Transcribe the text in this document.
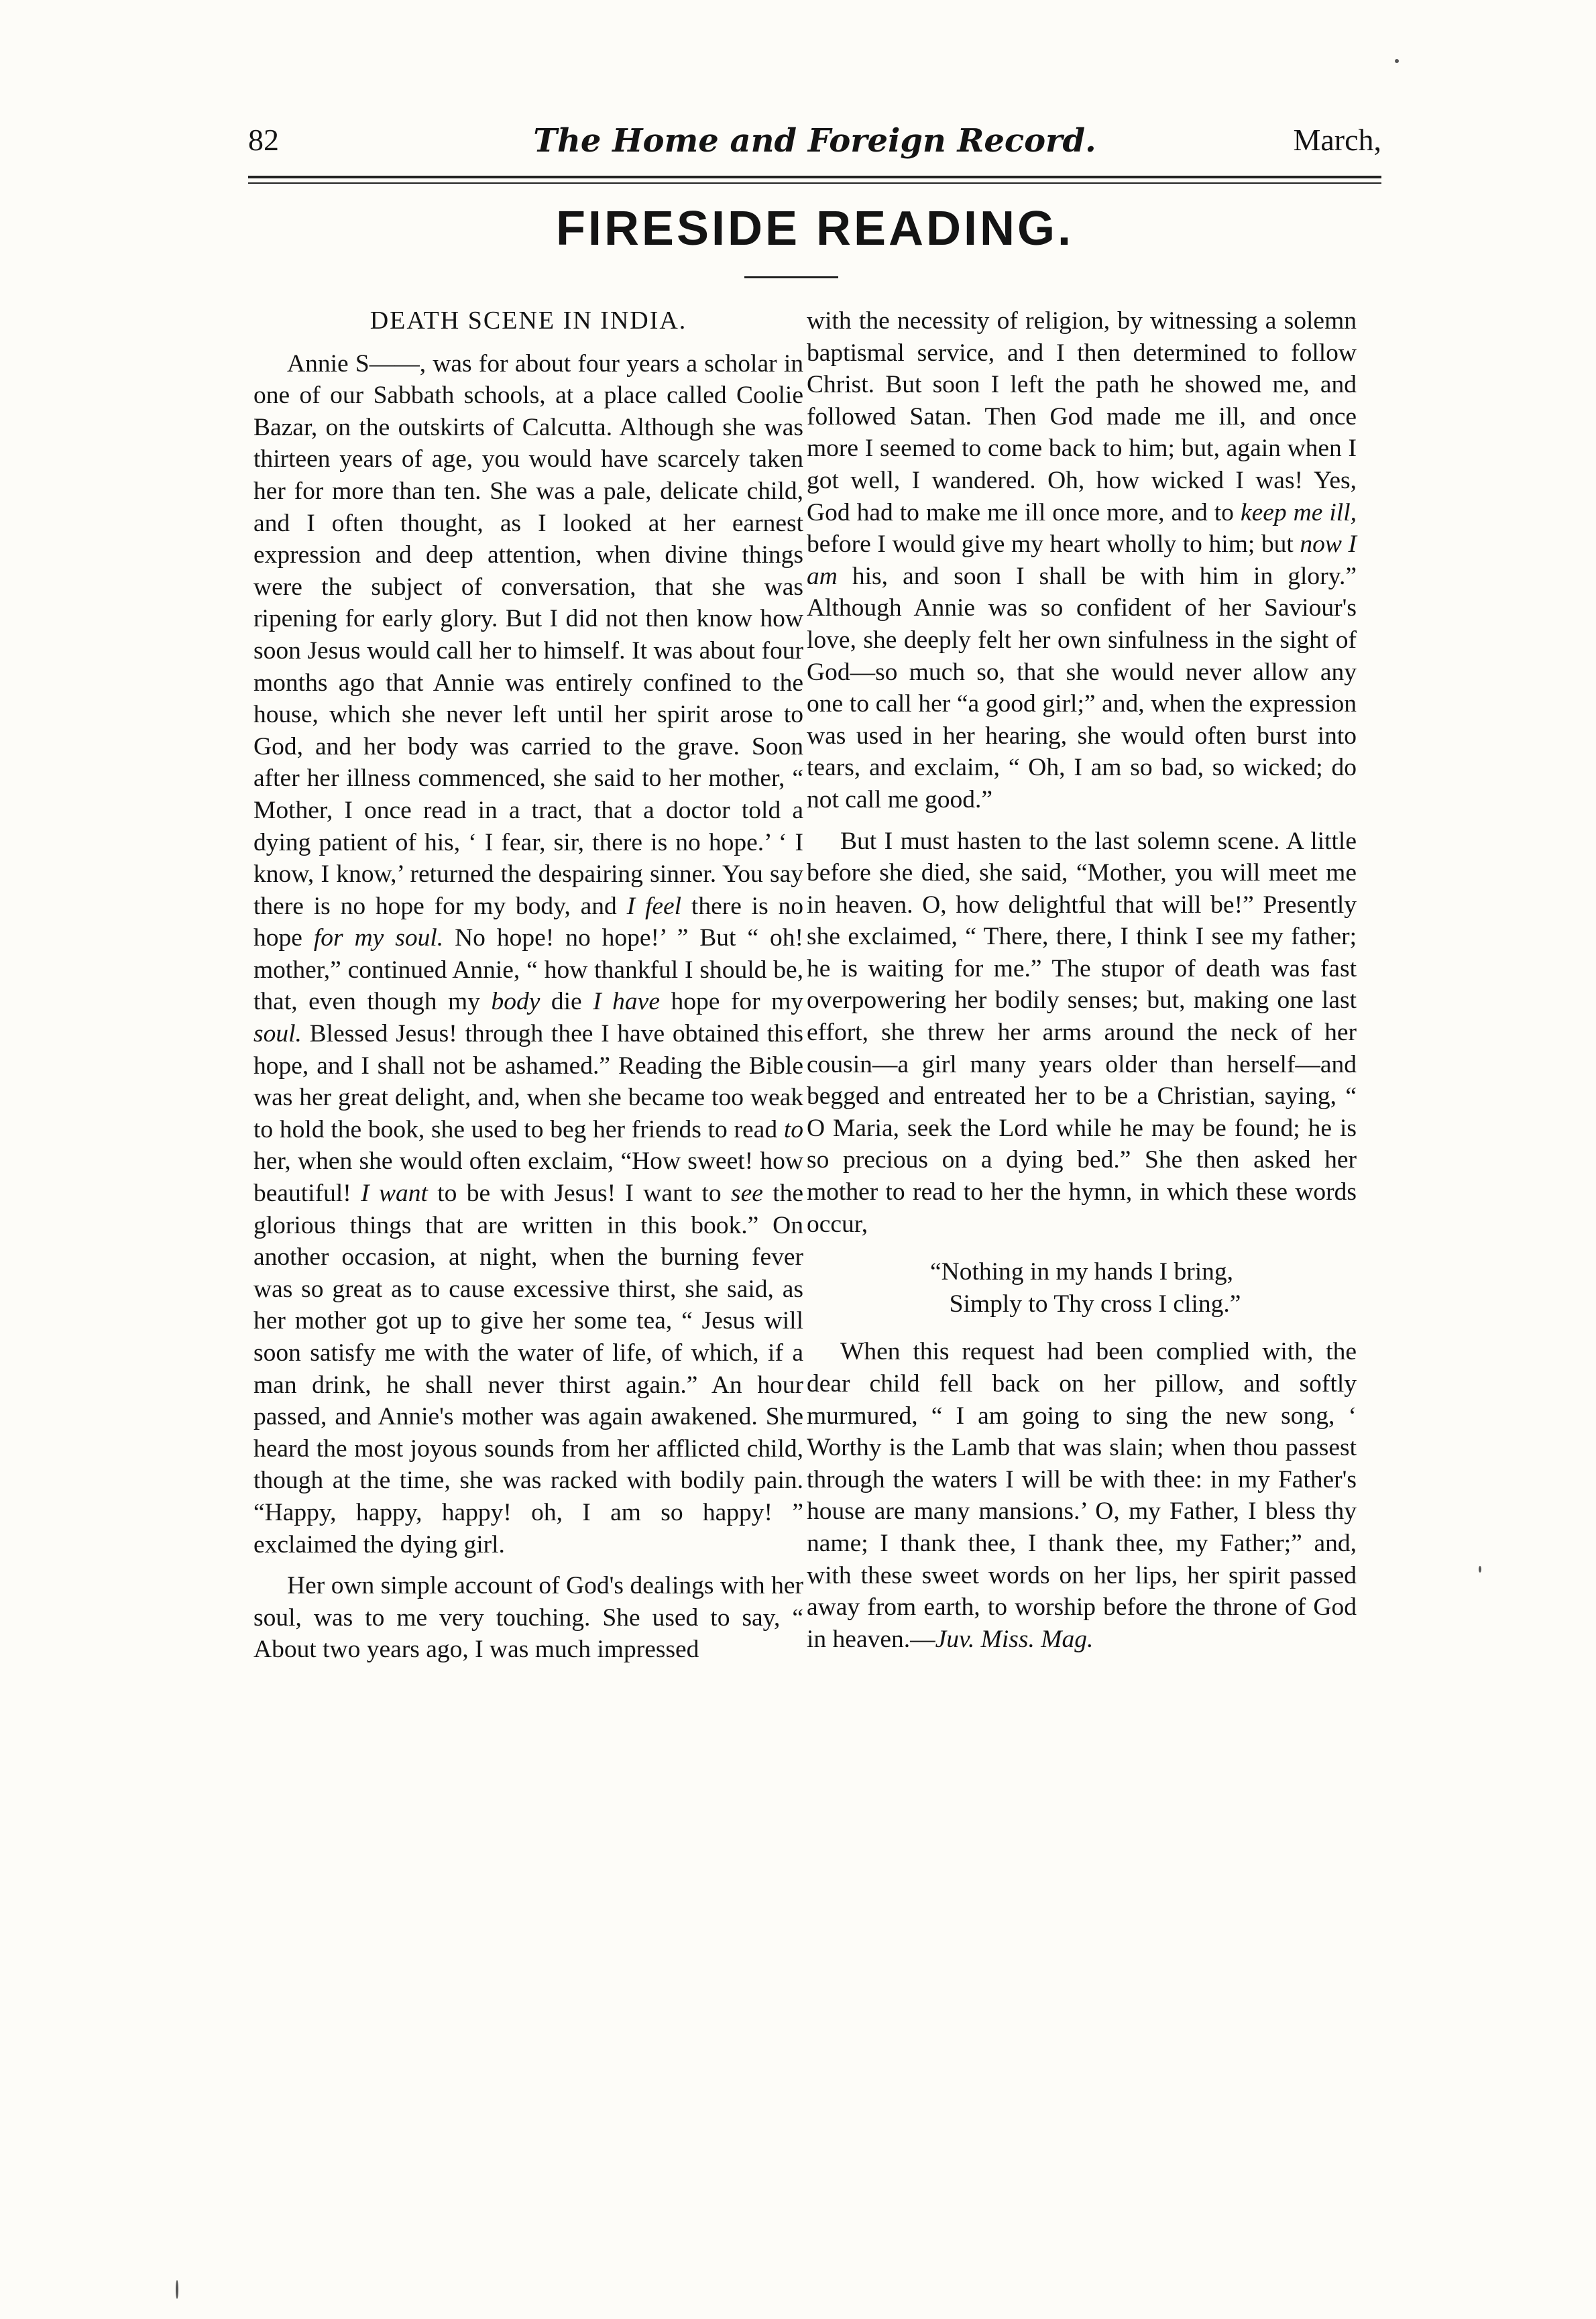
82	The Home and Foreign Record.	March,
FIRESIDE READING.
DEATH SCENE IN INDIA.

Annie S——, was for about four years a scholar in one of our Sabbath schools, at a place called Coolie Bazar, on the outskirts of Calcutta. Although she was thirteen years of age, you would have scarcely taken her for more than ten. She was a pale, delicate child, and I often thought, as I looked at her earnest expression and deep attention, when divine things were the subject of conversation, that she was ripening for early glory. But I did not then know how soon Jesus would call her to himself. It was about four months ago that Annie was entirely confined to the house, which she never left until her spirit arose to God, and her body was carried to the grave. Soon after her illness commenced, she said to her mother, “ Mother, I once read in a tract, that a doctor told a dying patient of his, ‘ I fear, sir, there is no hope.’ ‘ I know, I know,’ returned the despairing sinner. You say there is no hope for my body, and I feel there is no hope for my soul. No hope! no hope!’ ” But “ oh! mother,” continued Annie, “ how thankful I should be, that, even though my body die I have hope for my soul. Blessed Jesus! through thee I have obtained this hope, and I shall not be ashamed.” Reading the Bible was her great delight, and, when she became too weak to hold the book, she used to beg her friends to read to her, when she would often exclaim, “How sweet! how beautiful! I want to be with Jesus! I want to see the glorious things that are written in this book.” On another occasion, at night, when the burning fever was so great as to cause excessive thirst, she said, as her mother got up to give her some tea, “ Jesus will soon satisfy me with the water of life, of which, if a man drink, he shall never thirst again.” An hour passed, and Annie's mother was again awakened. She heard the most joyous sounds from her afflicted child, though at the time, she was racked with bodily pain. “Happy, happy, happy! oh, I am so happy! ” exclaimed the dying girl.

Her own simple account of God's dealings with her soul, was to me very touching. She used to say, “ About two years ago, I was much impressed

with the necessity of religion, by witnessing a solemn baptismal service, and I then determined to follow Christ. But soon I left the path he showed me, and followed Satan. Then God made me ill, and once more I seemed to come back to him; but, again when I got well, I wandered. Oh, how wicked I was! Yes, God had to make me ill once more, and to keep me ill, before I would give my heart wholly to him; but now I am his, and soon I shall be with him in glory.” Although Annie was so confident of her Saviour's love, she deeply felt her own sinfulness in the sight of God—so much so, that she would never allow any one to call her “a good girl;” and, when the expression was used in her hearing, she would often burst into tears, and exclaim, “ Oh, I am so bad, so wicked; do not call me good.”

But I must hasten to the last solemn scene. A little before she died, she said, “Mother, you will meet me in heaven. O, how delightful that will be!” Presently she exclaimed, “ There, there, I think I see my father; he is waiting for me.” The stupor of death was fast overpowering her bodily senses; but, making one last effort, she threw her arms around the neck of her cousin—a girl many years older than herself—and begged and entreated her to be a Christian, saying, “ O Maria, seek the Lord while he may be found; he is so precious on a dying bed.” She then asked her mother to read to her the hymn, in which these words occur,

“Nothing in my hands I bring,
Simply to Thy cross I cling.”

When this request had been complied with, the dear child fell back on her pillow, and softly murmured, “ I am going to sing the new song, ‘ Worthy is the Lamb that was slain; when thou passest through the waters I will be with thee: in my Father's house are many mansions.’ O, my Father, I bless thy name; I thank thee, I thank thee, my Father;” and, with these sweet words on her lips, her spirit passed away from earth, to worship before the throne of God in heaven.—Juv. Miss. Mag.
